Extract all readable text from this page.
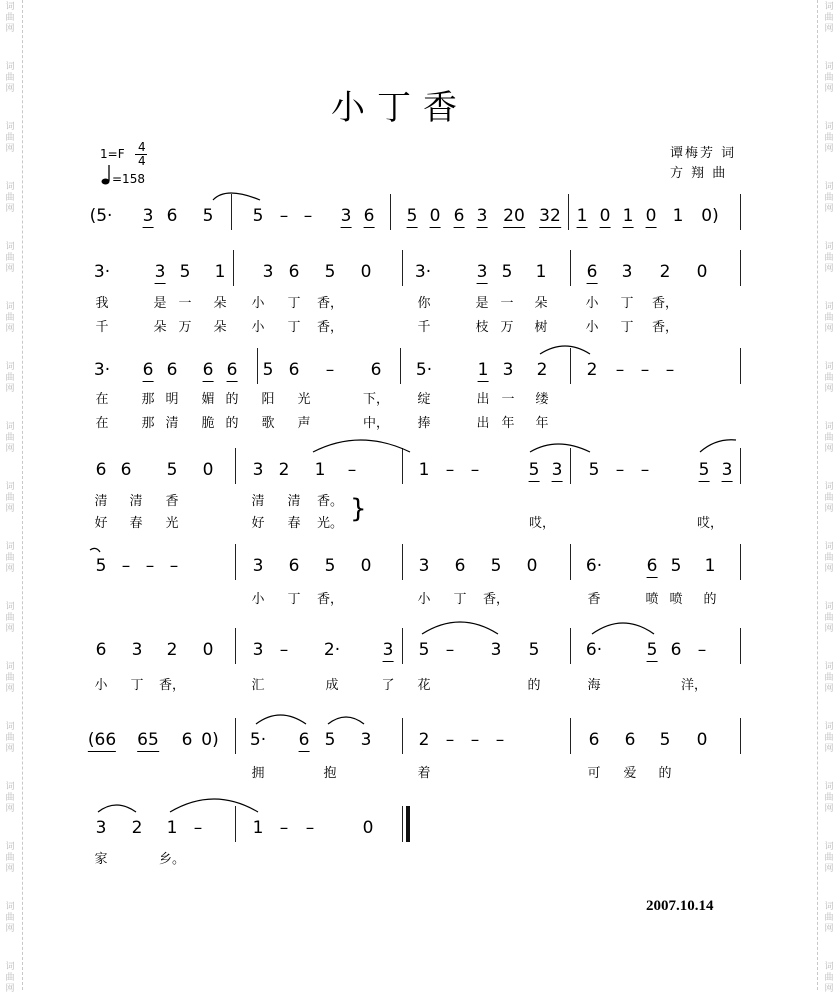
词
曲
网
词
曲
网
词
曲
网
词
曲
网
词
曲
网
词
曲
网
词
曲
网
词
曲
网
词
曲
网
词
曲
网
词
曲
网
词
曲
网
词
曲
网
词
曲
网
词
曲
网
词
曲
网
词
曲
网
词
曲
网
词
曲
网
词
曲
网
词
曲
网
词
曲
网
词
曲
网
词
曲
网
词
曲
网
词
曲
网
词
曲
网
词
曲
网
词
曲
网
词
曲
网
词
曲
网
词
曲
网
词
曲
网
词
曲
网
小丁香
1=F 4
4
=158
谭梅芳 词
方 翔 曲
(5· 3 6 5 5 – – 3 6 5 0 6 3 20 32 1 0 1 0 1 0)
3·	3 5 1 3 6 5 0	3·	3 5 1 6 3 2 0
3· 6 6 6 6 5 6 – 6 5·	1 3 2 2 – – –
6 6 5 0 3 2 1 –	1 – –	5 3 5 – –	5 3
5 – – –	3 6 5 0	3 6 5 0	6·	6 5 1
6 3 2 0 3 – 2· 3 5 – 3 5	6·	5 6 –
(66 65 6 0) 5· 6 5 3	2 – – –	6 6 5 0
3 2 1 –	1 – –	0
我	是 一 朵 小 丁 香，	你	是 一 朵	小 丁 香，
千	朵 万 朵 小 丁 香，	千	枝 万 树	小 丁 香，
在	那 明 媚 的 阳 光	下， 绽	出 一 缕
在	那 清 脆 的 歌 声	中， 捧	出 年 年
清 清 香	清 清 香。
好 春 光	好 春 光。	哎，	哎，
小 丁 香，	小 丁 香，	香	喷 喷 的
小 丁 香，	汇	成	了 花	的	海	洋，
拥	抱	着	可 爱 的
家	乡。
}
2007.10.14
